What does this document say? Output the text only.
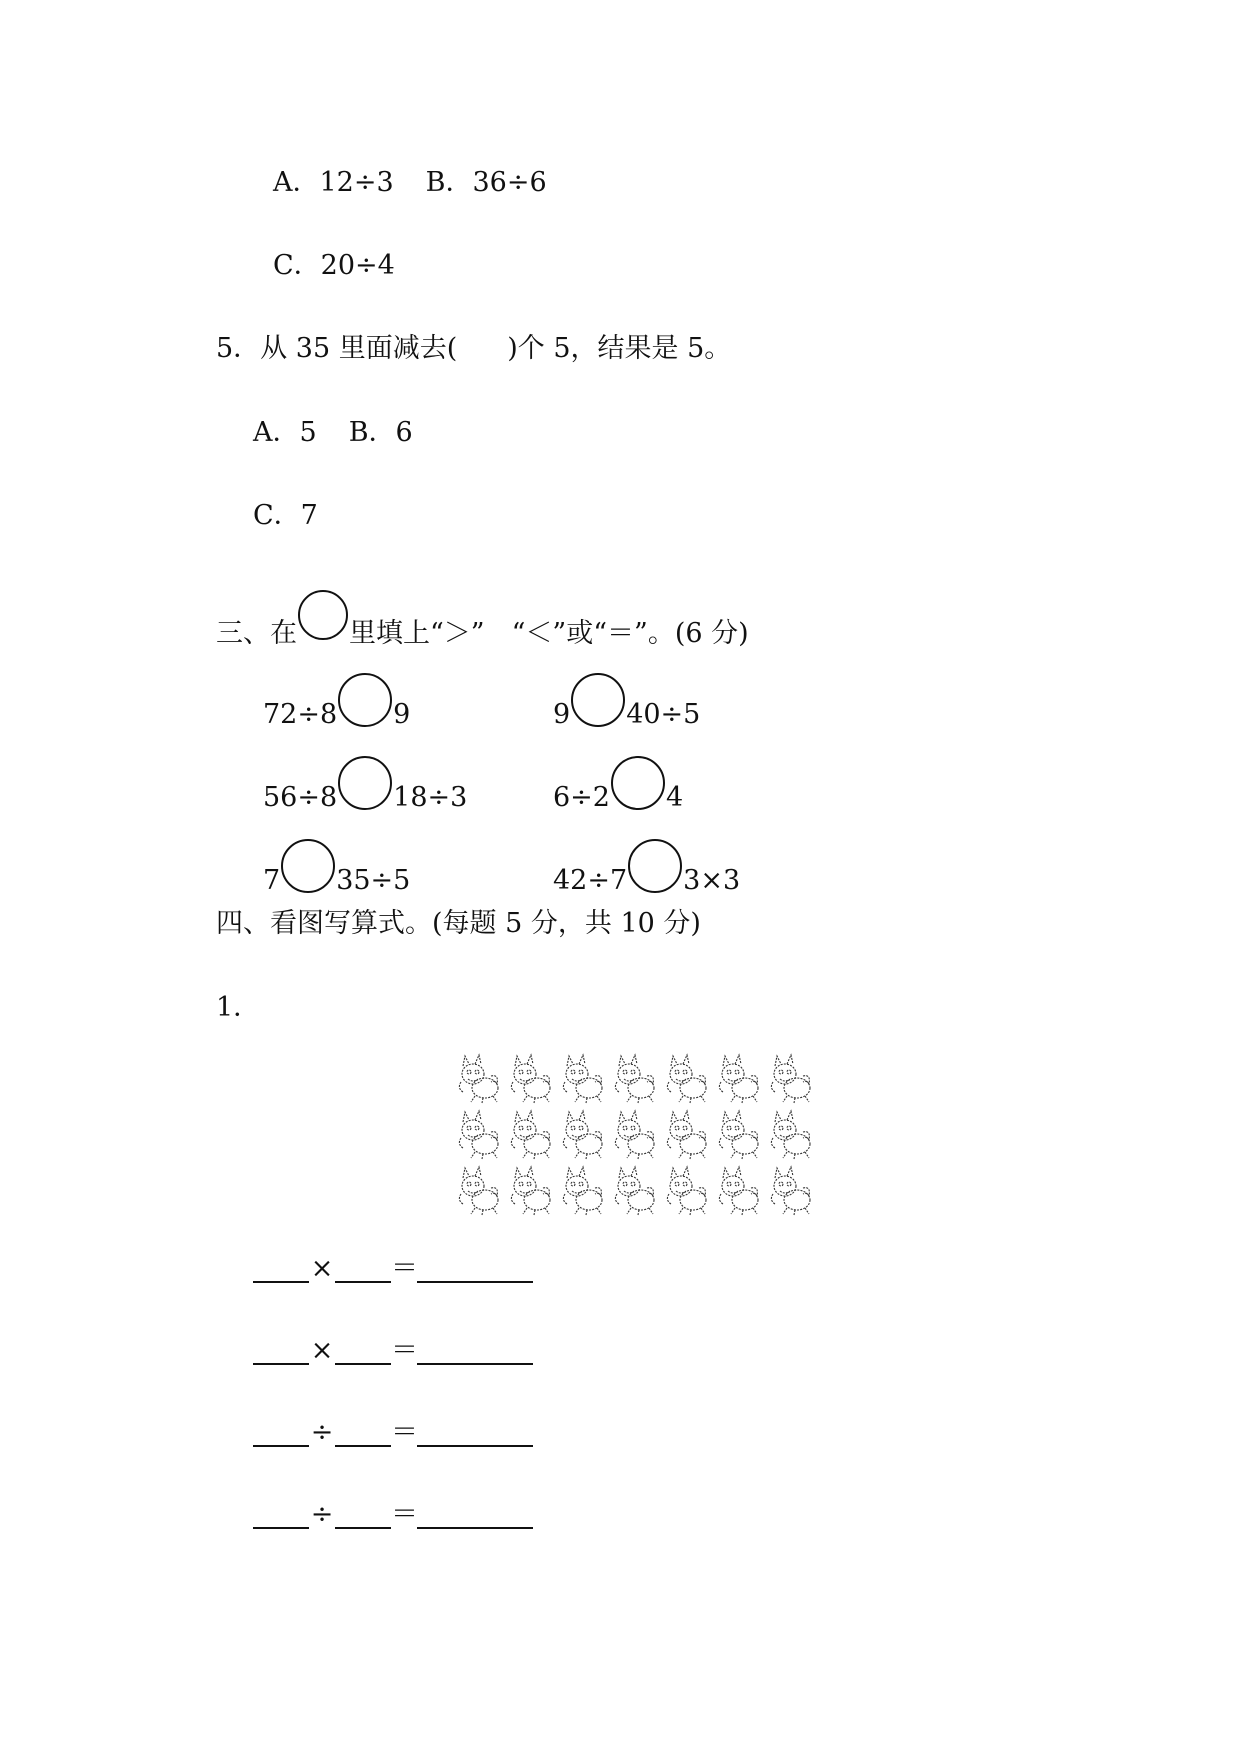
A．12÷3 B．36÷6
C．20÷4
5．从 35 里面减去( )个 5，结果是 5。
A．5 B．6
C．7
三、在 里填上“＞”　“＜”或“＝”。(6 分)
72÷8 9	9 40÷5
56÷8 18÷3	6÷2 4
7 35÷5	42÷7 3×3
四、看图写算式。(每题 5 分，共 10 分)
1．
× ＝
× ＝
÷ ＝
÷ ＝
